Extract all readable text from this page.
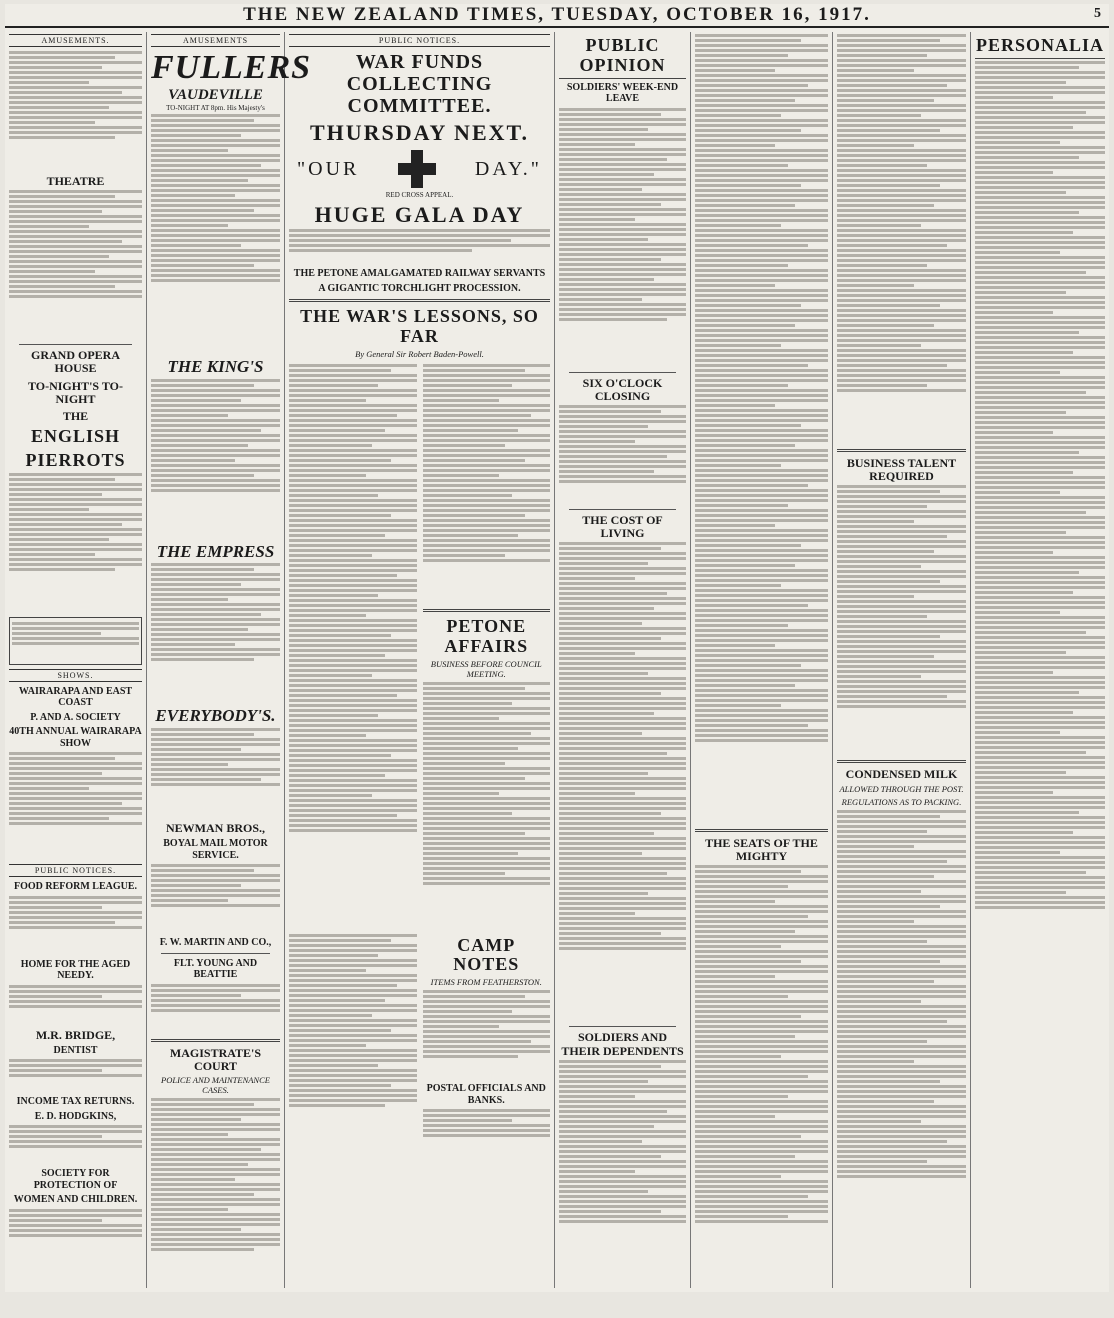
THE NEW ZEALAND TIMES, TUESDAY, OCTOBER 16, 1917.	5
AMUSEMENTS.
THEATRE
GRAND OPERA HOUSE
TO-NIGHT'S TO-NIGHT
THE
ENGLISH
PIERROTS
SHOWS.
WAIRARAPA AND EAST COAST
P. AND A. SOCIETY
40TH ANNUAL WAIRARAPA SHOW
PUBLIC NOTICES.
FOOD REFORM LEAGUE.
HOME FOR THE AGED NEEDY.
M.R. BRIDGE,
DENTIST
INCOME TAX RETURNS.
E. D. HODGKINS,
SOCIETY FOR PROTECTION OF
WOMEN AND CHILDREN.
AMUSEMENTS
FULLERS
VAUDEVILLE
TO-NIGHT AT 8pm. His Majesty's
THE KING'S
THE EMPRESS
EVERYBODY'S.
NEWMAN BROS.,
BOYAL MAIL MOTOR SERVICE.
F. W. MARTIN AND CO.,
FLT. YOUNG AND BEATTIE
MAGISTRATE'S COURT
POLICE AND MAINTENANCE CASES.
PUBLIC NOTICES.
WAR FUNDS COLLECTING COMMITTEE.
THURSDAY NEXT.
"OUR	DAY."
RED CROSS APPEAL.
HUGE GALA DAY
THE PETONE AMALGAMATED RAILWAY SERVANTS
A GIGANTIC TORCHLIGHT PROCESSION.
THE WAR'S LESSONS, SO FAR
By General Sir Robert Baden-Powell.
PETONE AFFAIRS
BUSINESS BEFORE COUNCIL MEETING.
CAMP NOTES
ITEMS FROM FEATHERSTON.
POSTAL OFFICIALS AND BANKS.
PUBLIC OPINION
SOLDIERS' WEEK-END LEAVE
SIX O'CLOCK CLOSING
THE COST OF LIVING
SOLDIERS AND THEIR DEPENDENTS
THE SEATS OF THE MIGHTY
BUSINESS TALENT REQUIRED
CONDENSED MILK
ALLOWED THROUGH THE POST.
REGULATIONS AS TO PACKING.
PERSONALIA
